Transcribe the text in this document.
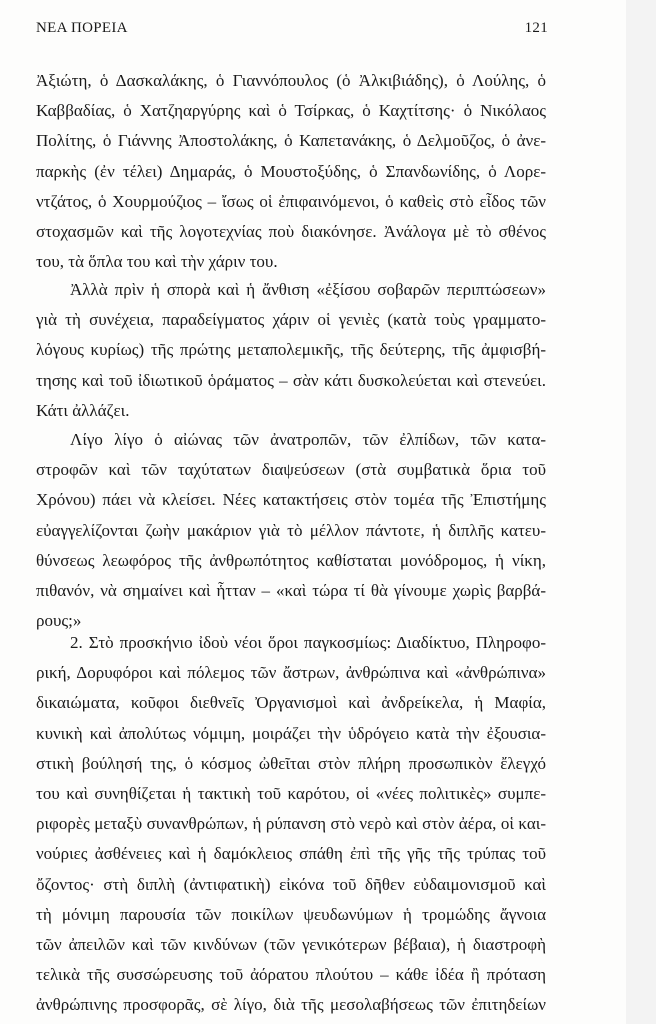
ΝΕΑ ΠΟΡΕΙΑ	121
Ἀξιώτη, ὁ Δασκαλάκης, ὁ Γιαννόπουλος (ὁ Ἀλκιβιάδης), ὁ Λούλης, ὁ
Καββαδίας, ὁ Χατζηαργύρης καὶ ὁ Τσίρκας, ὁ Καχτίτσης· ὁ Νικόλαος
Πολίτης, ὁ Γιάννης Ἀποστολάκης, ὁ Καπετανάκης, ὁ Δελμοῦζος, ὁ ἀνε-
παρκὴς (ἐν τέλει) Δημαράς, ὁ Μουστοξύδης, ὁ Σπανδωνίδης, ὁ Λορε-
ντζάτος, ὁ Χουρμούζιος – ἴσως οἱ ἐπιφαινόμενοι, ὁ καθεὶς στὸ εἶδος τῶν
στοχασμῶν καὶ τῆς λογοτεχνίας ποὺ διακόνησε. Ἀνάλογα μὲ τὸ σθένος
του, τὰ ὅπλα του καὶ τὴν χάριν του.
Ἀλλὰ πρὶν ἡ σπορὰ καὶ ἡ ἄνθιση «ἐξίσου σοβαρῶν περιπτώσεων»
γιὰ τὴ συνέχεια, παραδείγματος χάριν οἱ γενιὲς (κατὰ τοὺς γραμματο-
λόγους κυρίως) τῆς πρώτης μεταπολεμικῆς, τῆς δεύτερης, τῆς ἀμφισβή-
τησης καὶ τοῦ ἰδιωτικοῦ ὁράματος – σὰν κάτι δυσκολεύεται καὶ στενεύει.
Κάτι ἀλλάζει.
Λίγο λίγο ὁ αἰώνας τῶν ἀνατροπῶν, τῶν ἐλπίδων, τῶν κατα-
στροφῶν καὶ τῶν ταχύτατων διαψεύσεων (στὰ συμβατικὰ ὅρια τοῦ
Χρόνου) πάει νὰ κλείσει. Νέες κατακτήσεις στὸν τομέα τῆς Ἐπιστήμης
εὐαγγελίζονται ζωὴν μακάριον γιὰ τὸ μέλλον πάντοτε, ἡ διπλῆς κατευ-
θύνσεως λεωφόρος τῆς ἀνθρωπότητος καθίσταται μονόδρομος, ἡ νίκη,
πιθανόν, νὰ σημαίνει καὶ ἧτταν – «καὶ τώρα τί θὰ γίνουμε χωρὶς βαρβά-
ρους;»
2. Στὸ προσκήνιο ἰδοὺ νέοι ὅροι παγκοσμίως: Διαδίκτυο, Πληροφο-
ρική, Δορυφόροι καὶ πόλεμος τῶν ἄστρων, ἀνθρώπινα καὶ «ἀνθρώπινα»
δικαιώματα, κοῦφοι διεθνεῖς Ὀργανισμοὶ καὶ ἀνδρείκελα, ἡ Μαφία,
κυνικὴ καὶ ἀπολύτως νόμιμη, μοιράζει τὴν ὑδρόγειο κατὰ τὴν ἐξουσια-
στικὴ βούλησή της, ὁ κόσμος ὠθεῖται στὸν πλήρη προσωπικὸν ἔλεγχό
του καὶ συνηθίζεται ἡ τακτικὴ τοῦ καρότου, οἱ «νέες πολιτικὲς» συμπε-
ριφορὲς μεταξὺ συνανθρώπων, ἡ ρύπανση στὸ νερὸ καὶ στὸν ἀέρα, οἱ και-
νούριες ἀσθένειες καὶ ἡ δαμόκλειος σπάθη ἐπὶ τῆς γῆς τῆς τρύπας τοῦ
ὄζοντος· στὴ διπλὴ (ἀντιφατικὴ) εἰκόνα τοῦ δῆθεν εὐδαιμονισμοῦ καὶ
τὴ μόνιμη παρουσία τῶν ποικίλων ψευδωνύμων ἡ τρομώδης ἄγνοια
τῶν ἀπειλῶν καὶ τῶν κινδύνων (τῶν γενικότερων βέβαια), ἡ διαστροφὴ
τελικὰ τῆς συσσώρευσης τοῦ ἀόρατου πλούτου – κάθε ἰδέα ἢ πρόταση
ἀνθρώπινης προσφορᾶς, σὲ λίγο, διὰ τῆς μεσολαβήσεως τῶν ἐπιτηδείων
